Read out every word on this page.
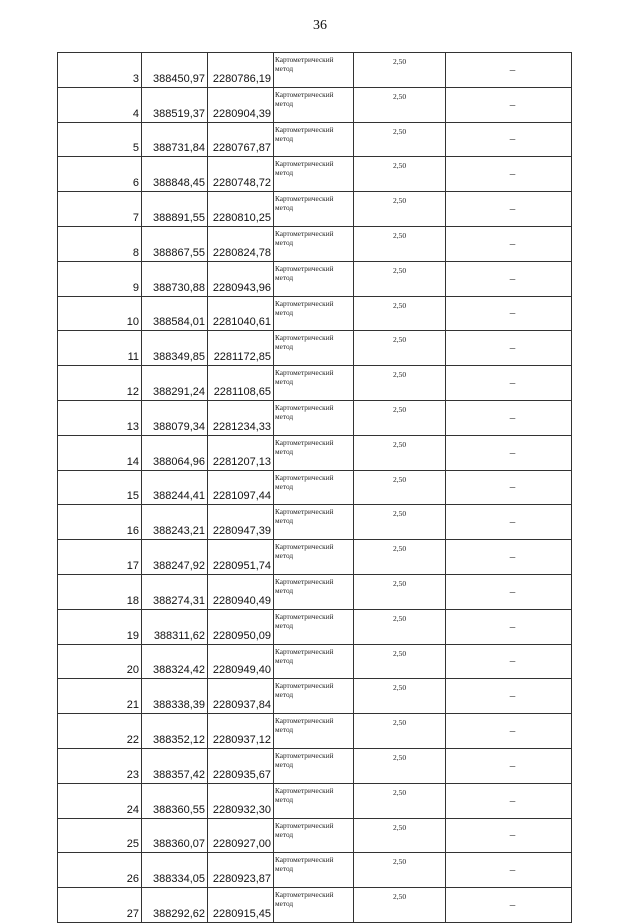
36
3	388450,97	2280786,19	Картометрический метод	2,50	–
4	388519,37	2280904,39	Картометрический метод	2,50	–
5	388731,84	2280767,87	Картометрический метод	2,50	–
6	388848,45	2280748,72	Картометрический метод	2,50	–
7	388891,55	2280810,25	Картометрический метод	2,50	–
8	388867,55	2280824,78	Картометрический метод	2,50	–
9	388730,88	2280943,96	Картометрический метод	2,50	–
10	388584,01	2281040,61	Картометрический метод	2,50	–
11	388349,85	2281172,85	Картометрический метод	2,50	–
12	388291,24	2281108,65	Картометрический метод	2,50	–
13	388079,34	2281234,33	Картометрический метод	2,50	–
14	388064,96	2281207,13	Картометрический метод	2,50	–
15	388244,41	2281097,44	Картометрический метод	2,50	–
16	388243,21	2280947,39	Картометрический метод	2,50	–
17	388247,92	2280951,74	Картометрический метод	2,50	–
18	388274,31	2280940,49	Картометрический метод	2,50	–
19	388311,62	2280950,09	Картометрический метод	2,50	–
20	388324,42	2280949,40	Картометрический метод	2,50	–
21	388338,39	2280937,84	Картометрический метод	2,50	–
22	388352,12	2280937,12	Картометрический метод	2,50	–
23	388357,42	2280935,67	Картометрический метод	2,50	–
24	388360,55	2280932,30	Картометрический метод	2,50	–
25	388360,07	2280927,00	Картометрический метод	2,50	–
26	388334,05	2280923,87	Картометрический метод	2,50	–
27	388292,62	2280915,45	Картометрический метод	2,50	–
